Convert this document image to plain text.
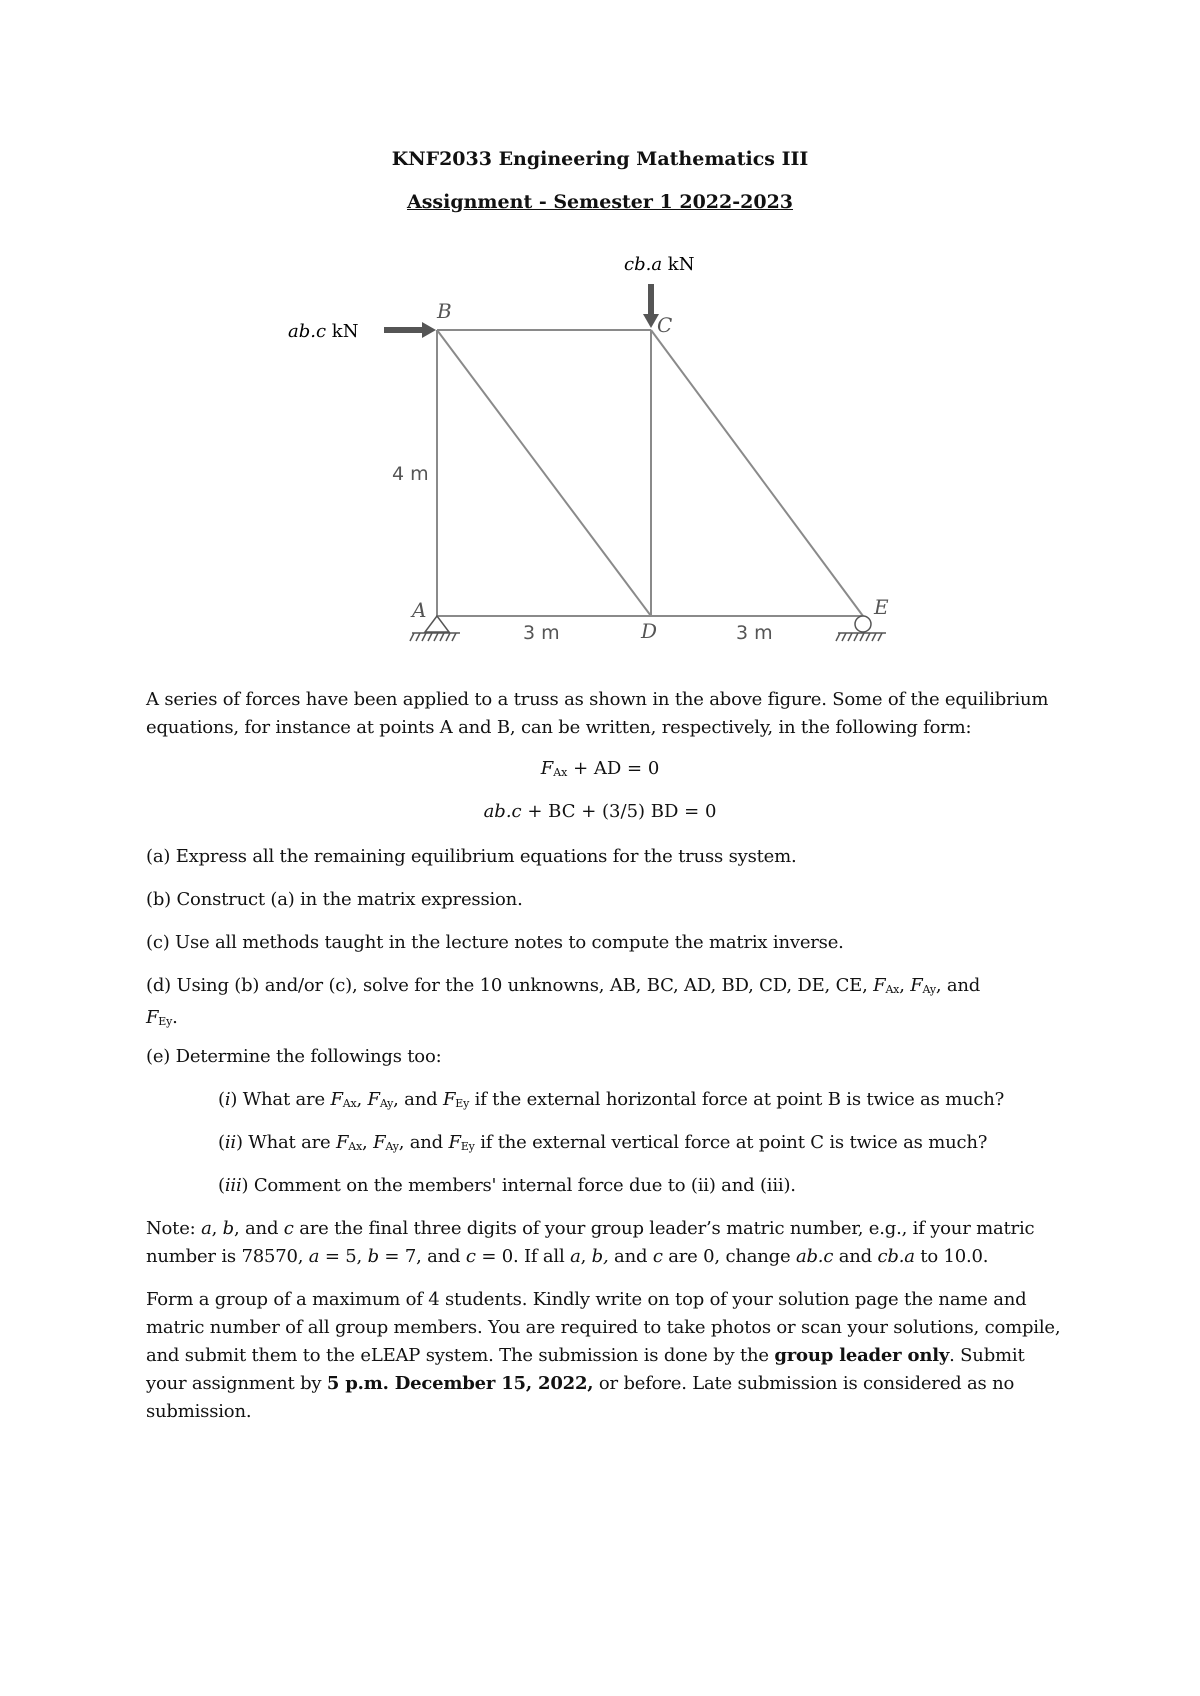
KNF2033 Engineering Mathematics III
Assignment - Semester 1 2022-2023
cb.a kN
ab.c kN
B
C
A
D
E
4 m
3 m	3 m
A series of forces have been applied to a truss as shown in the above figure. Some of the equilibrium
equations, for instance at points A and B, can be written, respectively, in the following form:
$F_{Ax}$ + AD = 0
ab.c + BC + (3/5) BD = 0
(a) Express all the remaining equilibrium equations for the truss system.
(b) Construct (a) in the matrix expression.
(c) Use all methods taught in the lecture notes to compute the matrix inverse.
(d) Using (b) and/or (c), solve for the 10 unknowns, AB, BC, AD, BD, CD, DE, CE, $F_{Ax}$, $F_{Ay}$, and
$F_{Ey}$.
(e) Determine the followings too:
(i) What are $F_{Ax}$, $F_{Ay}$, and $F_{Ey}$ if the external horizontal force at point B is twice as much?
(ii) What are $F_{Ax}$, $F_{Ay}$, and $F_{Ey}$ if the external vertical force at point C is twice as much?
(iii) Comment on the members' internal force due to (ii) and (iii).
Note: a, b, and c are the final three digits of your group leader’s matric number, e.g., if your matric
number is 78570, a = 5, b = 7, and c = 0. If all a, b, and c are 0, change ab.c and cb.a to 10.0.
Form a group of a maximum of 4 students. Kindly write on top of your solution page the name and
matric number of all group members. You are required to take photos or scan your solutions, compile,
and submit them to the eLEAP system. The submission is done by the group leader only. Submit
your assignment by 5 p.m. December 15, 2022, or before. Late submission is considered as no
submission.
